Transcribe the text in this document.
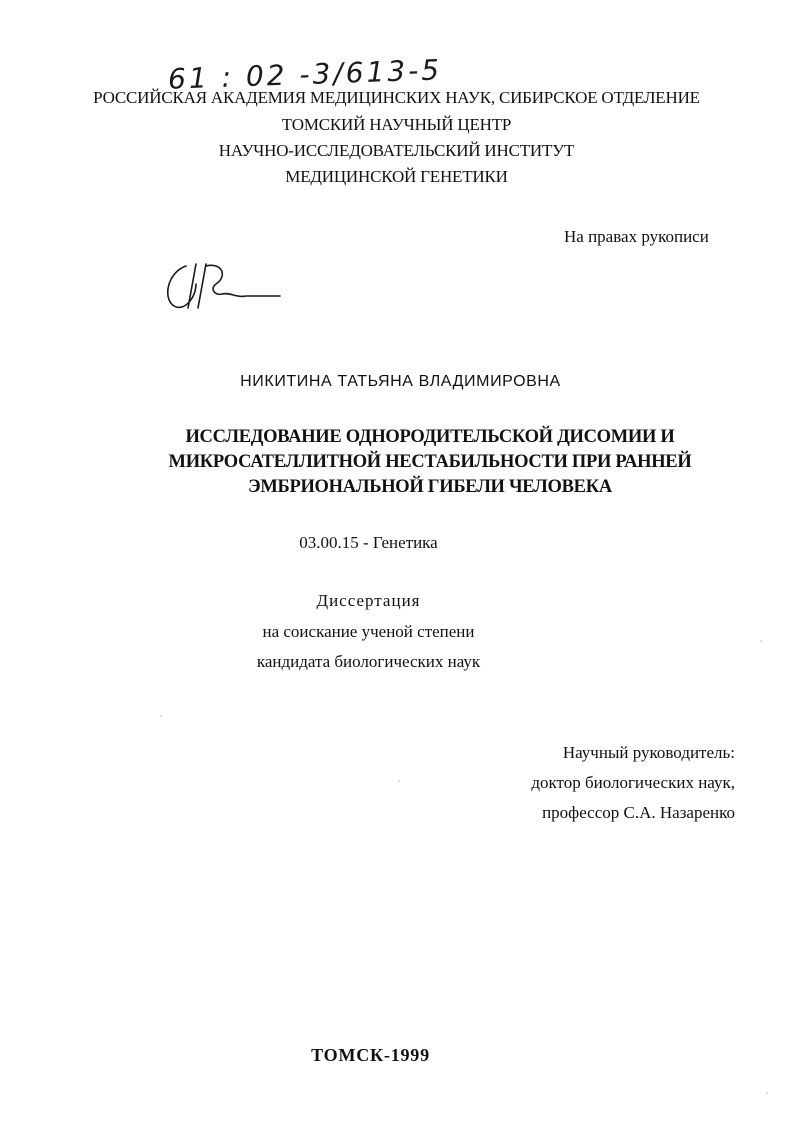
61 : 02 -3/613-5
РОССИЙСКАЯ АКАДЕМИЯ МЕДИЦИНСКИХ НАУК, СИБИРСКОЕ ОТДЕЛЕНИЕ
ТОМСКИЙ НАУЧНЫЙ ЦЕНТР
НАУЧНО-ИССЛЕДОВАТЕЛЬСКИЙ ИНСТИТУТ
МЕДИЦИНСКОЙ ГЕНЕТИКИ
На правах рукописи
НИКИТИНА ТАТЬЯНА ВЛАДИМИРОВНА
ИССЛЕДОВАНИЕ ОДНОРОДИТЕЛЬСКОЙ ДИСОМИИ И
МИКРОСАТЕЛЛИТНОЙ НЕСТАБИЛЬНОСТИ ПРИ РАННЕЙ
ЭМБРИОНАЛЬНОЙ ГИБЕЛИ ЧЕЛОВЕКА
03.00.15 - Генетика
Диссертация
на соискание ученой степени
кандидата биологических наук
Научный руководитель:
доктор биологических наук,
профессор С.А. Назаренко
ТОМСК-1999
